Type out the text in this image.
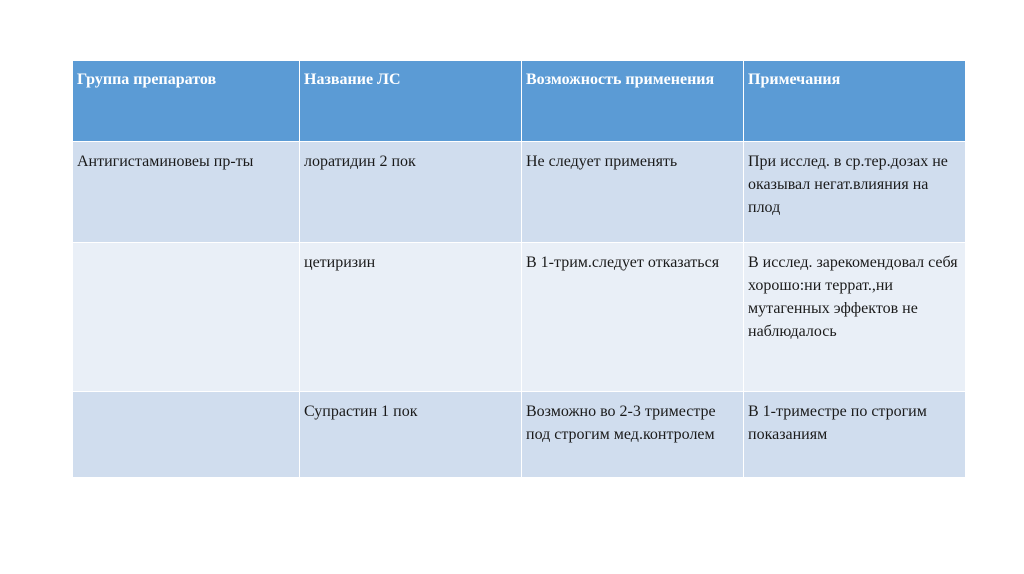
Группа препаратов	Название ЛС	Возможность применения	Примечания
Антигистаминовеы пр-ты	лоратидин 2 пок	Не следует применять	При исслед. в ср.тер.дозах не оказывал негат.влияния на плод
	цетиризин	В 1-трим.следует отказаться	В исслед. зарекомендовал себя хорошо:ни террат.,ни мутагенных эффектов не наблюдалось
	Супрастин 1 пок	Возможно во 2-3 триместре под строгим мед.контролем	В 1-триместре по строгим показаниям
